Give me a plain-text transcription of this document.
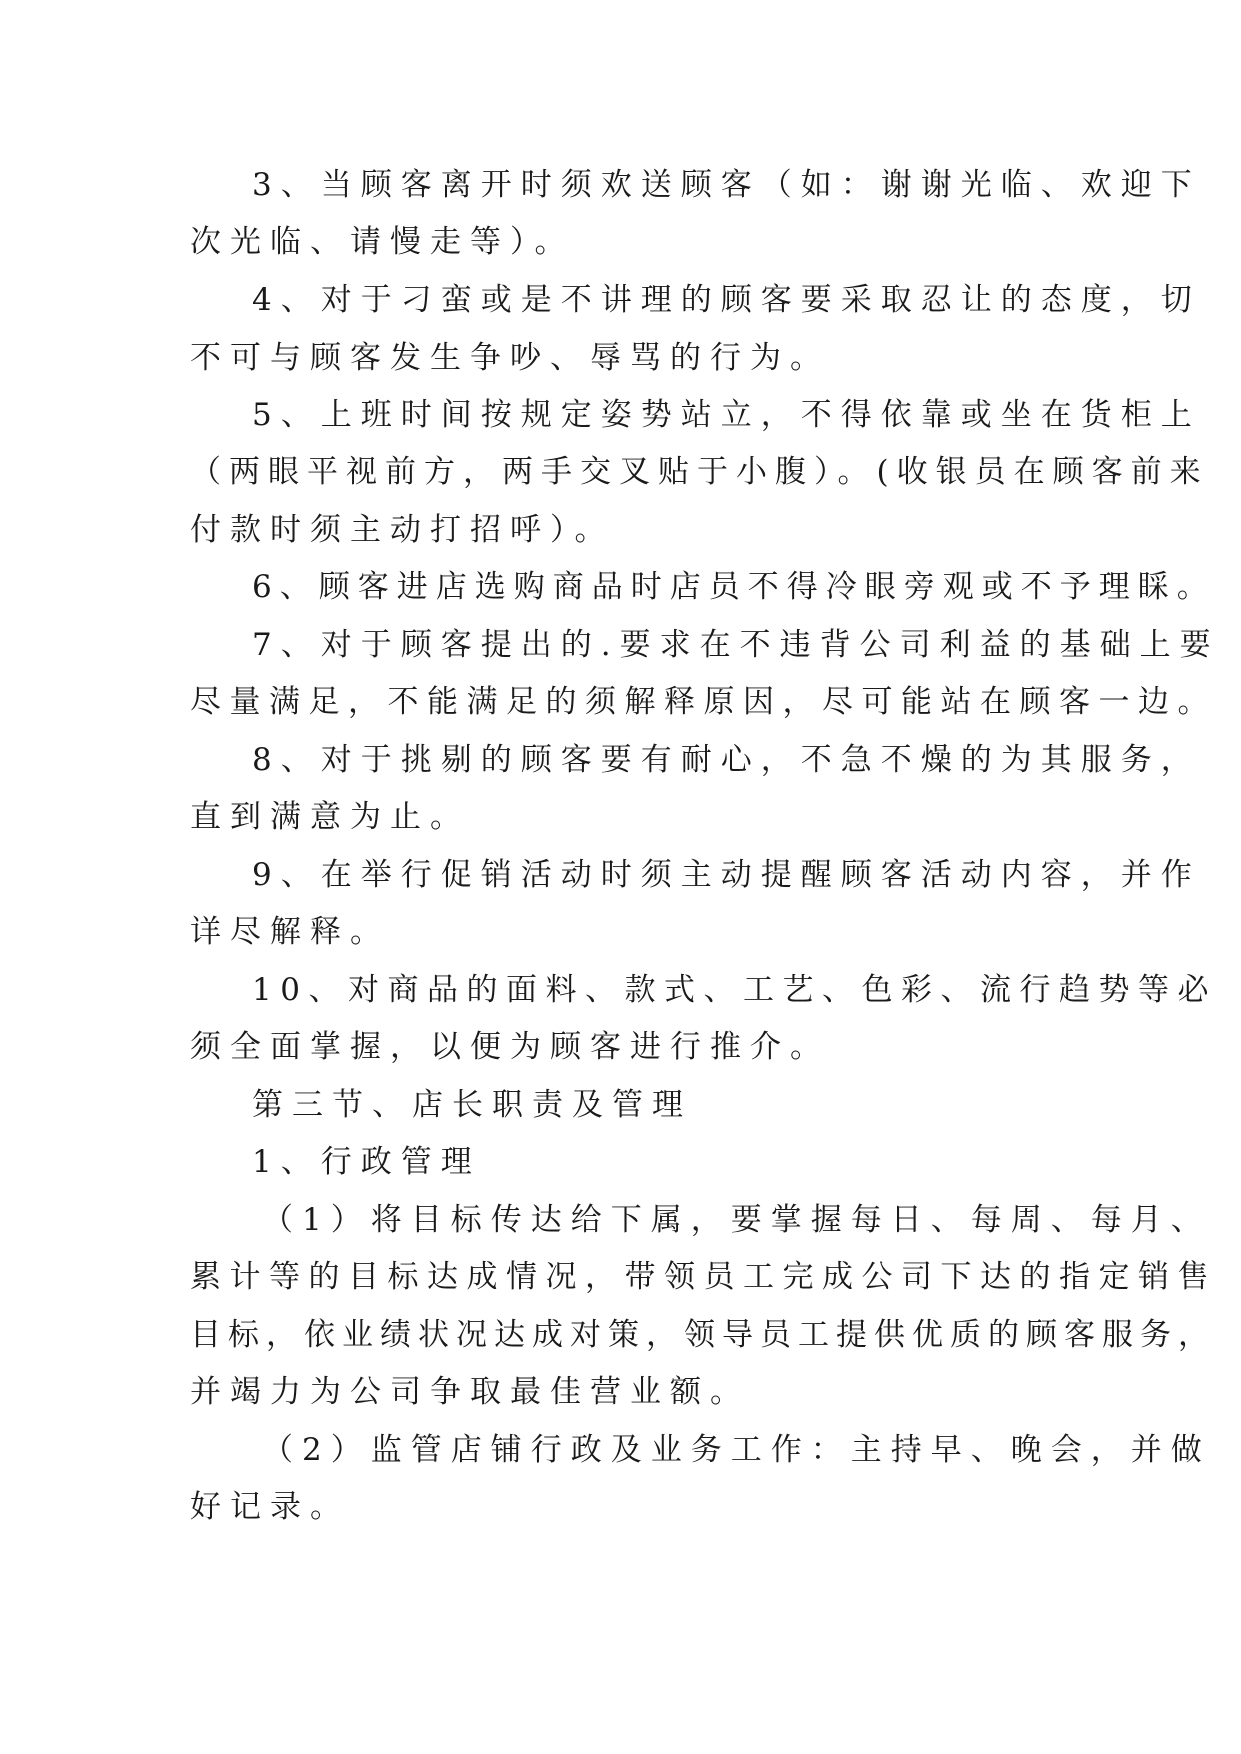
3、当顾客离开时须欢送顾客（如：谢谢光临、欢迎下
次光临、请慢走等）。
4、对于刁蛮或是不讲理的顾客要采取忍让的态度，切
不可与顾客发生争吵、辱骂的行为。
5、上班时间按规定姿势站立，不得依靠或坐在货柜上
（两眼平视前方，两手交叉贴于小腹）。(收银员在顾客前来
付款时须主动打招呼）。
6、顾客进店选购商品时店员不得冷眼旁观或不予理睬。
7、对于顾客提出的.要求在不违背公司利益的基础上要
尽量满足，不能满足的须解释原因，尽可能站在顾客一边。
8、对于挑剔的顾客要有耐心，不急不燥的为其服务，
直到满意为止。
9、在举行促销活动时须主动提醒顾客活动内容，并作
详尽解释。
10、对商品的面料、款式、工艺、色彩、流行趋势等必
须全面掌握，以便为顾客进行推介。
第三节、店长职责及管理
1、行政管理
（1）将目标传达给下属，要掌握每日、每周、每月、
累计等的目标达成情况，带领员工完成公司下达的指定销售
目标，依业绩状况达成对策，领导员工提供优质的顾客服务，
并竭力为公司争取最佳营业额。
（2）监管店铺行政及业务工作：主持早、晚会，并做
好记录。
